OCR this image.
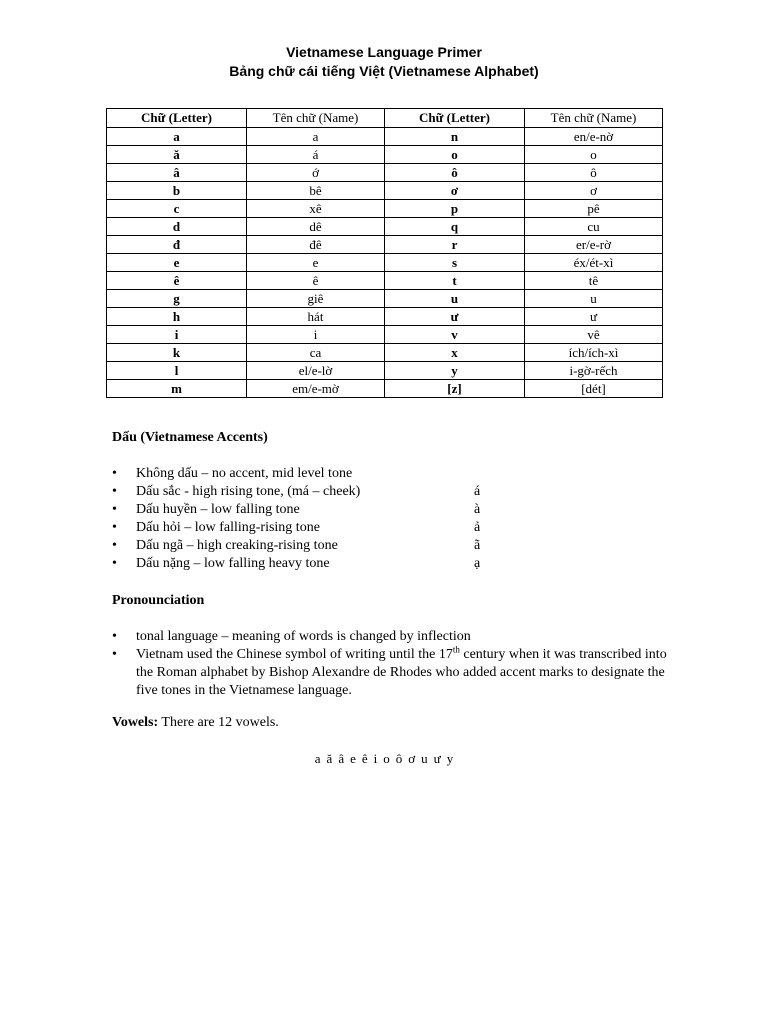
Vietnamese Language Primer
Bảng chữ cái tiếng Việt (Vietnamese Alphabet)
Chữ (Letter)	Tên chữ (Name)	Chữ (Letter)	Tên chữ (Name)
a	a	n	en/e-nờ
ă	á	o	o
â	ớ	ô	ô
b	bê	ơ	ơ
c	xê	p	pê
d	dê	q	cu
đ	đê	r	er/e-rờ
e	e	s	éx/ét-xì
ê	ê	t	tê
g	giê	u	u
h	hát	ư	ư
i	i	v	vê
k	ca	x	ích/ích-xì
l	el/e-lờ	y	i-gờ-rếch
m	em/e-mờ	[z]	[dét]
Dấu (Vietnamese Accents)
•	Không dấu – no accent, mid level tone
•	Dấu sắc - high rising tone, (má – cheek)	á
•	Dấu huyền – low falling tone	à
•	Dấu hỏi – low falling-rising tone	ả
•	Dấu ngã – high creaking-rising tone	ã
•	Dấu nặng – low falling heavy tone	ạ
Pronounciation
•	tonal language – meaning of words is changed by inflection
•	Vietnam used the Chinese symbol of writing until the 17th century when it was transcribed into the Roman alphabet by Bishop Alexandre de Rhodes who added accent marks to designate the five tones in the Vietnamese language.
Vowels: There are 12 vowels.
a ă â e ê i o ô ơ u ư y
